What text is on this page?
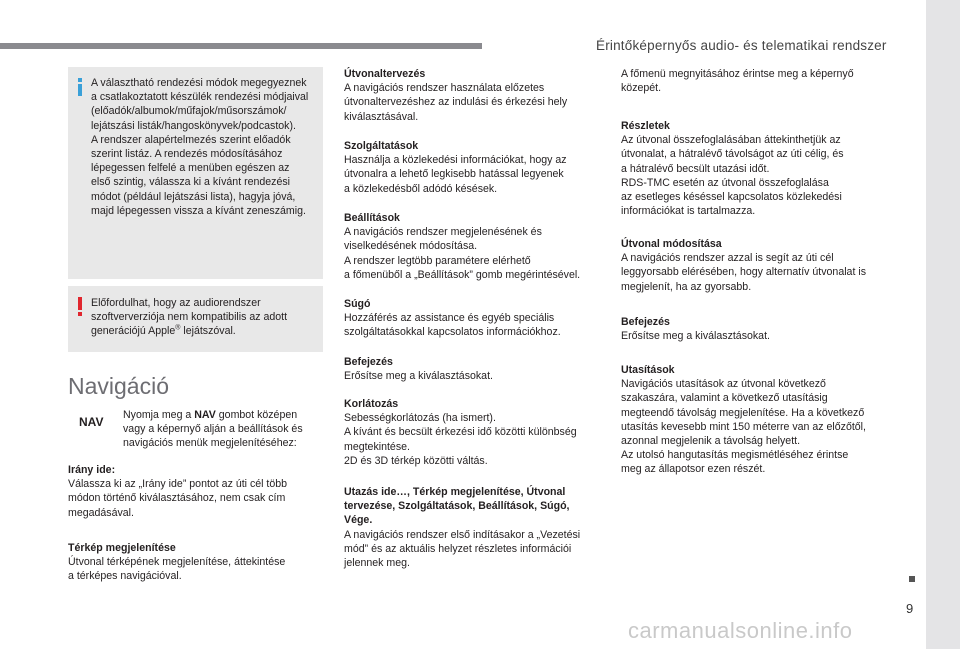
Érintőképernyős audio- és telematikai rendszer
9
carmanualsonline.info
A választható rendezési módok megegyeznek
a csatlakoztatott készülék rendezési módjaival
(előadók/albumok/műfajok/műsorszámok/
lejátszási listák/hangoskönyvek/podcastok).
A rendszer alapértelmezés szerint előadók
szerint listáz. A rendezés módosításához
lépegessen felfelé a menüben egészen az
első szintig, válassza ki a kívánt rendezési
módot (például lejátszási lista), hagyja jóvá,
majd lépegessen vissza a kívánt zeneszámig.
Előfordulhat, hogy az audiorendszer
szoftververziója nem kompatibilis az adott
generációjú Apple® lejátszóval.
Navigáció
NAV Nyomja meg a NAV gombot középen
vagy a képernyő alján a beállítások és
navigációs menük megjelenítéséhez:
Irány ide:
Válassza ki az „Irány ide” pontot az úti cél több
módon történő kiválasztásához, nem csak cím
megadásával.
Térkép megjelenítése
Útvonal térképének megjelenítése, áttekintése
a térképes navigációval.
Útvonaltervezés
A navigációs rendszer használata előzetes
útvonaltervezéshez az indulási és érkezési hely
kiválasztásával.
Szolgáltatások
Használja a közlekedési információkat, hogy az
útvonalra a lehető legkisebb hatással legyenek
a közlekedésből adódó késések.
Beállítások
A navigációs rendszer megjelenésének és
viselkedésének módosítása.
A rendszer legtöbb paramétere elérhető
a főmenüből a „Beállítások” gomb megérintésével.
Súgó
Hozzáférés az assistance és egyéb speciális
szolgáltatásokkal kapcsolatos információkhoz.
Befejezés
Erősítse meg a kiválasztásokat.
Korlátozás
Sebességkorlátozás (ha ismert).
A kívánt és becsült érkezési idő közötti különbség
megtekintése.
2D és 3D térkép közötti váltás.
Utazás ide…, Térkép megjelenítése, Útvonal
tervezése, Szolgáltatások, Beállítások, Súgó,
Vége.
A navigációs rendszer első indításakor a „Vezetési
mód” és az aktuális helyzet részletes információi
jelennek meg.
A főmenü megnyitásához érintse meg a képernyő
közepét.
Részletek
Az útvonal összefoglalásában áttekinthetjük az
útvonalat, a hátralévő távolságot az úti célig, és
a hátralévő becsült utazási időt.
RDS-TMC esetén az útvonal összefoglalása
az esetleges késéssel kapcsolatos közlekedési
információkat is tartalmazza.
Útvonal módosítása
A navigációs rendszer azzal is segít az úti cél
leggyorsabb elérésében, hogy alternatív útvonalat is
megjelenít, ha az gyorsabb.
Befejezés
Erősítse meg a kiválasztásokat.
Utasítások
Navigációs utasítások az útvonal következő
szakaszára, valamint a következő utasításig
megteendő távolság megjelenítése. Ha a következő
utasítás kevesebb mint 150 méterre van az előzőtől,
azonnal megjelenik a távolság helyett.
Az utolsó hangutasítás megismétléséhez érintse
meg az állapotsor ezen részét.
